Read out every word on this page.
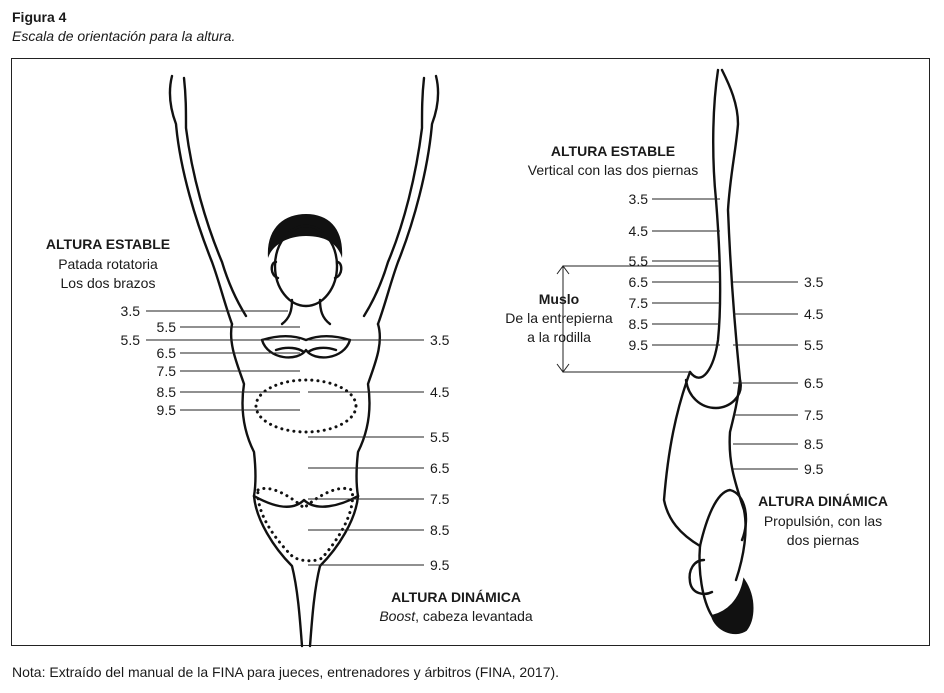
Figura 4
Escala de orientación para la altura.
3.5
5.5
5.5
6.5
7.5
8.5
9.5
3.5
4.5
5.5
6.5
7.5
8.5
9.5
ALTURA ESTABLE
Patada rotatoria
Los dos brazos
ALTURA DINÁMICA
Boost, cabeza levantada
3.5
4.5
5.5
6.5
7.5
8.5
9.5
3.5
4.5
5.5
6.5
7.5
8.5
9.5
ALTURA ESTABLE
Vertical con las dos piernas
Muslo
De la entrepierna
a la rodilla
ALTURA DINÁMICA
Propulsión, con las
dos piernas
Nota: Extraído del manual de la FINA para jueces, entrenadores y árbitros (FINA, 2017).
